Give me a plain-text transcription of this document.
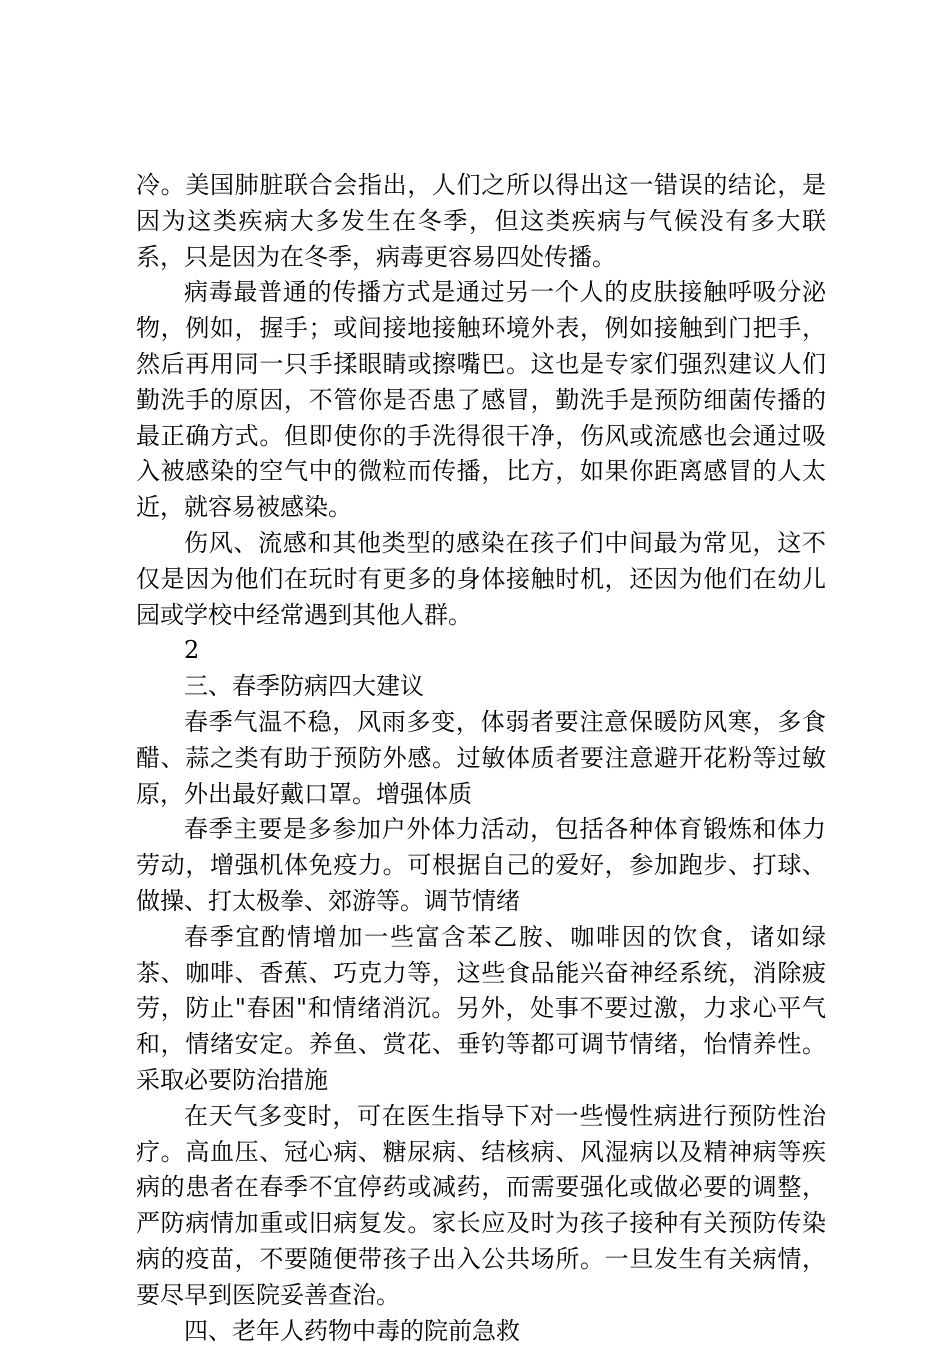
冷。美国肺脏联合会指出，人们之所以得出这一错误的结论，是因为这类疾病大多发生在冬季，但这类疾病与气候没有多大联系，只是因为在冬季，病毒更容易四处传播。

病毒最普通的传播方式是通过另一个人的皮肤接触呼吸分泌物，例如，握手；或间接地接触环境外表，例如接触到门把手，然后再用同一只手揉眼睛或擦嘴巴。这也是专家们强烈建议人们勤洗手的原因，不管你是否患了感冒，勤洗手是预防细菌传播的最正确方式。但即使你的手洗得很干净，伤风或流感也会通过吸入被感染的空气中的微粒而传播，比方，如果你距离感冒的人太近，就容易被感染。

伤风、流感和其他类型的感染在孩子们中间最为常见，这不仅是因为他们在玩时有更多的身体接触时机，还因为他们在幼儿园或学校中经常遇到其他人群。

2

三、春季防病四大建议

春季气温不稳，风雨多变，体弱者要注意保暖防风寒，多食醋、蒜之类有助于预防外感。过敏体质者要注意避开花粉等过敏原，外出最好戴口罩。增强体质

春季主要是多参加户外体力活动，包括各种体育锻炼和体力劳动，增强机体免疫力。可根据自己的爱好，参加跑步、打球、做操、打太极拳、郊游等。调节情绪

春季宜酌情增加一些富含苯乙胺、咖啡因的饮食，诸如绿茶、咖啡、香蕉、巧克力等，这些食品能兴奋神经系统，消除疲劳，防止"春困"和情绪消沉。另外，处事不要过激，力求心平气和，情绪安定。养鱼、赏花、垂钓等都可调节情绪，怡情养性。采取必要防治措施

在天气多变时，可在医生指导下对一些慢性病进行预防性治疗。高血压、冠心病、糖尿病、结核病、风湿病以及精神病等疾病的患者在春季不宜停药或减药，而需要强化或做必要的调整，严防病情加重或旧病复发。家长应及时为孩子接种有关预防传染病的疫苗，不要随便带孩子出入公共场所。一旦发生有关病情，要尽早到医院妥善查治。

四、老年人药物中毒的院前急救
